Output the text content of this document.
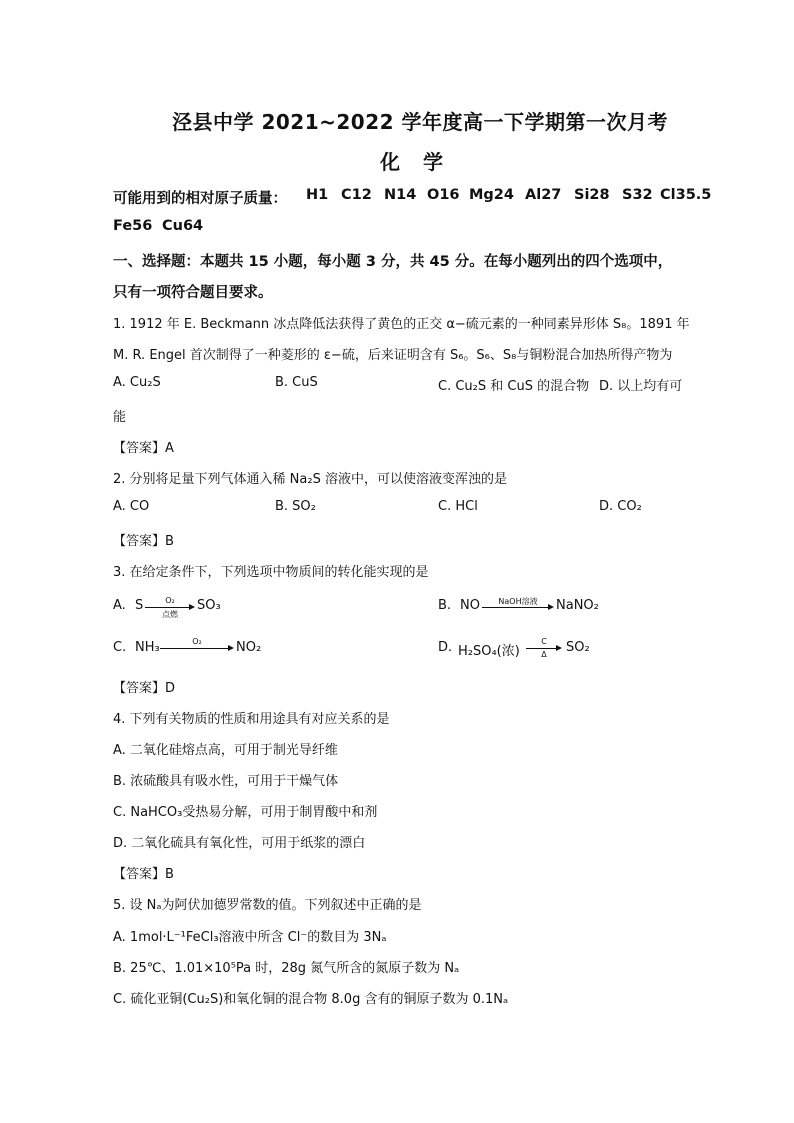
泾县中学 2021~2022 学年度高一下学期第一次月考
化 学
可能用到的相对原子质量： H1 C12 N14 O16 Mg24 Al27 Si28 S32 Cl35.5
Fe56 Cu64
一、选择题：本题共 15 小题，每小题 3 分，共 45 分。在每小题列出的四个选项中，
只有一项符合题目要求。
1. 1912 年 E. Beckmann 冰点降低法获得了黄色的正交 α−硫元素的一种同素异形体 S₈。1891 年
M. R. Engel 首次制得了一种菱形的 ε−硫，后来证明含有 S₆。S₆、S₈与铜粉混合加热所得产物为
A. Cu₂S	B. CuS	C. Cu₂S 和 CuS 的混合物 D. 以上均有可
能
【答案】A
2. 分别将足量下列气体通入稀 Na₂S 溶液中，可以使溶液变浑浊的是
A. CO	B. SO₂	C. HCl	D. CO₂
【答案】B
3. 在给定条件下，下列选项中物质间的转化能实现的是
A. S	O₂
点燃
SO₃	B. NO	NaOH溶液	NaNO₂
C. NH₃	O₂	NO₂	D. H₂SO₄(浓)
C
Δ	SO₂
【答案】D
4. 下列有关物质的性质和用途具有对应关系的是
A. 二氧化硅熔点高，可用于制光导纤维
B. 浓硫酸具有吸水性，可用于干燥气体
C. NaHCO₃受热易分解，可用于制胃酸中和剂
D. 二氧化硫具有氧化性，可用于纸浆的漂白
【答案】B
5. 设 Nₐ为阿伏加德罗常数的值。下列叙述中正确的是
A. 1mol·L⁻¹FeCl₃溶液中所含 Cl⁻的数目为 3Nₐ
B. 25℃、1.01×10⁵Pa 时，28g 氮气所含的氮原子数为 Nₐ
C. 硫化亚铜(Cu₂S)和氧化铜的混合物 8.0g 含有的铜原子数为 0.1Nₐ
